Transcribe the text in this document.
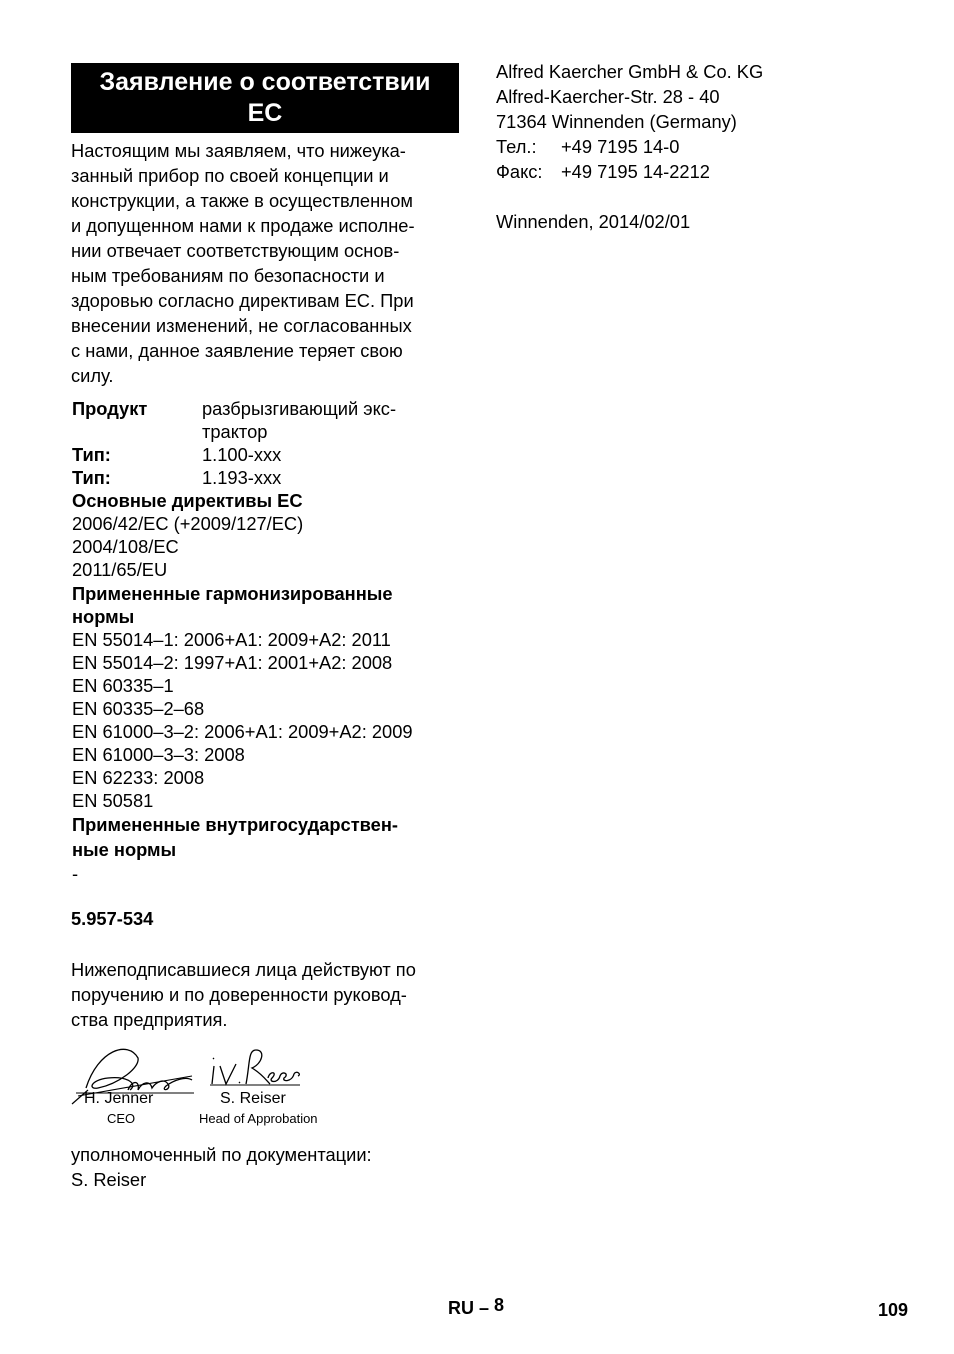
Заявление о соответствии
ЕС
Настоящим мы заявляем, что нижеука-
занный прибор по своей концепции и
конструкции, а также в осуществленном
и допущенном нами к продаже исполне-
нии отвечает соответствующим основ-
ным требованиям по безопасности и
здоровью согласно директивам ЕС. При
внесении изменений, не согласованных
с нами, данное заявление теряет свою
силу.
Продукт	разбрызгивающий экс-
трактор
Тип:	1.100-xxx
Тип:	1.193-xxx
Основные директивы ЕС
2006/42/EC (+2009/127/EC)
2004/108/EC
2011/65/EU
Примененные гармонизированные
нормы
EN 55014–1: 2006+A1: 2009+A2: 2011
EN 55014–2: 1997+A1: 2001+A2: 2008
EN 60335–1
EN 60335–2–68
EN 61000–3–2: 2006+A1: 2009+A2: 2009
EN 61000–3–3: 2008
EN 62233: 2008
EN 50581
Примененные внутригосударствен-
ные нормы
-
5.957-534
Нижеподписавшиеся лица действуют по
поручению и по доверенности руковод-
ства предприятия.
H. Jenner
CEO
S. Reiser
Head of Approbation
уполномоченный по документации:
S. Reiser
Alfred Kaercher GmbH & Co. KG
Alfred-Kaercher-Str. 28 - 40
71364 Winnenden (Germany)
Тел.: +49 7195 14-0
Факс: +49 7195 14-2212
Winnenden, 2014/02/01
RU – 8	109
